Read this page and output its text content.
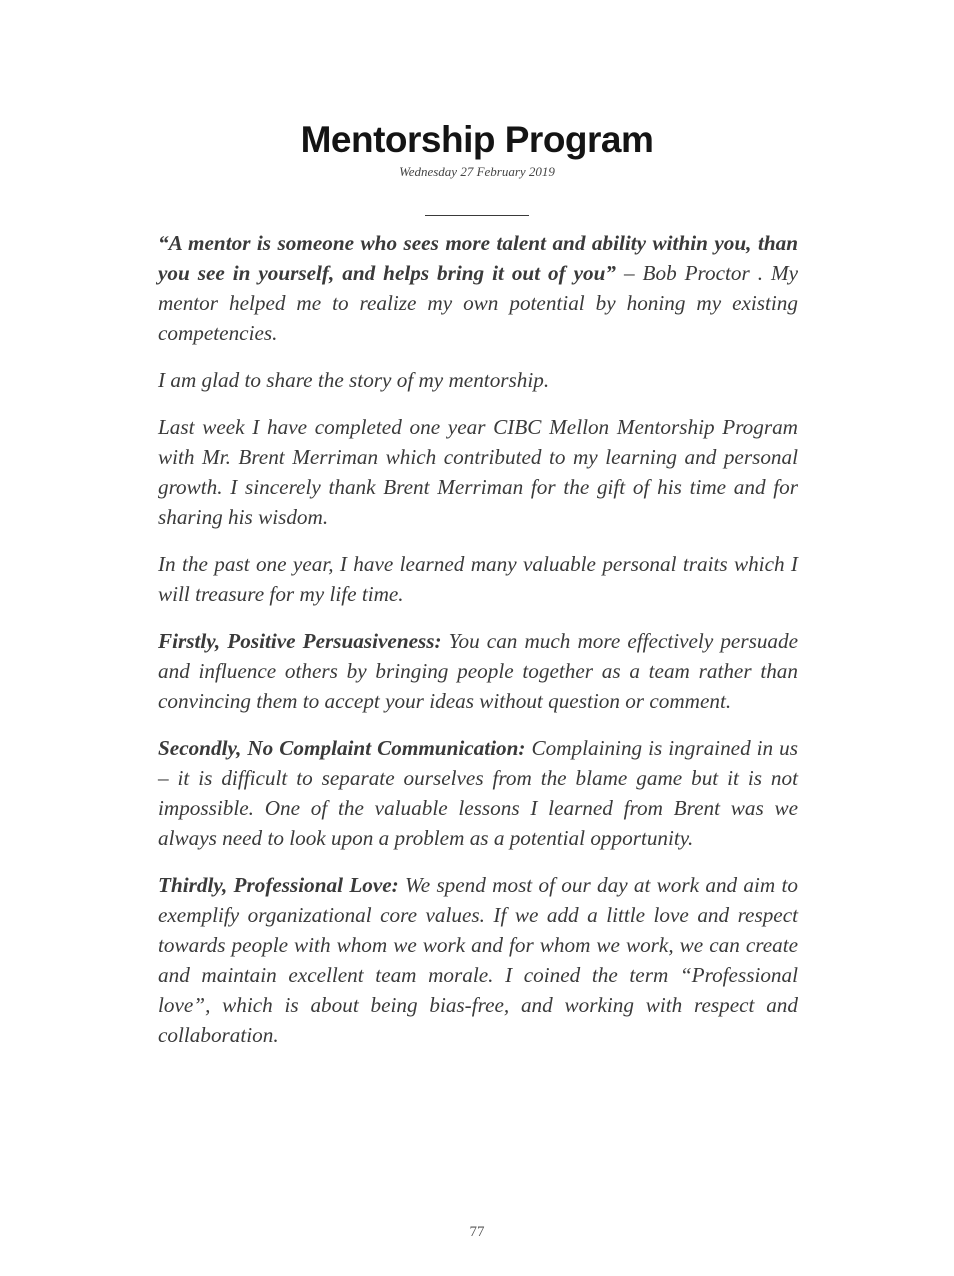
Mentorship Program
Wednesday 27 February 2019

“A mentor is someone who sees more talent and ability within you, than you see in yourself, and helps bring it out of you” – Bob Proctor . My mentor helped me to realize my own potential by honing my existing competencies.

I am glad to share the story of my mentorship.

Last week I have completed one year CIBC Mellon Mentorship Program with Mr. Brent Merriman which contributed to my learning and personal growth. I sincerely thank Brent Merriman for the gift of his time and for sharing his wisdom.

In the past one year, I have learned many valuable personal traits which I will treasure for my life time.

Firstly, Positive Persuasiveness: You can much more effectively persuade and influence others by bringing people together as a team rather than convincing them to accept your ideas without question or comment.

Secondly, No Complaint Communication: Complaining is ingrained in us – it is difficult to separate ourselves from the blame game but it is not impossible. One of the valuable lessons I learned from Brent was we always need to look upon a problem as a potential opportunity.

Thirdly, Professional Love: We spend most of our day at work and aim to exemplify organizational core values. If we add a little love and respect towards people with whom we work and for whom we work, we can create and maintain excellent team morale. I coined the term “Professional love”, which is about being bias-free, and working with respect and collaboration.

77
